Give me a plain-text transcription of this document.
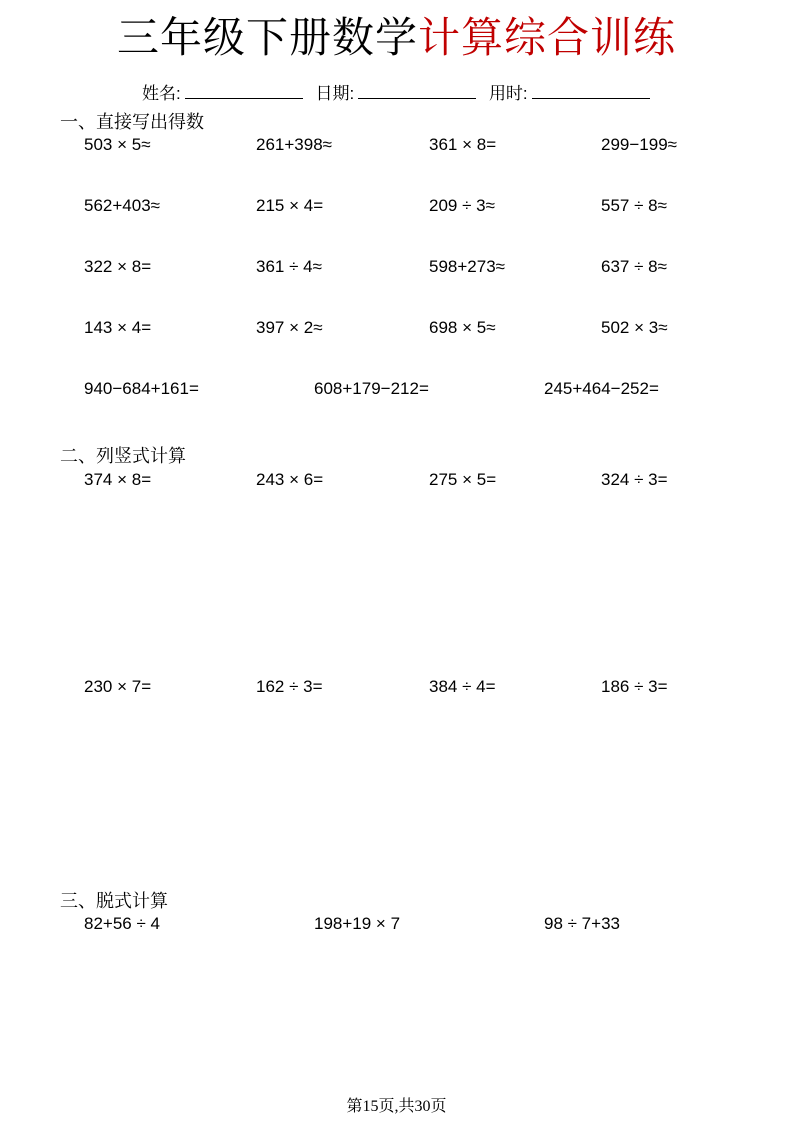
三年级下册数学计算综合训练
姓名:	日期:	用时:
一、直接写出得数
503 × 5≈	261+398≈	361 × 8=	299−199≈
562+403≈	215 × 4=	209 ÷ 3≈	557 ÷ 8≈
322 × 8=	361 ÷ 4≈	598+273≈	637 ÷ 8≈
143 × 4=	397 × 2≈	698 × 5≈	502 × 3≈
940−684+161=	608+179−212=	245+464−252=
二、列竖式计算
374 × 8=	243 × 6=	275 × 5=	324 ÷ 3=
230 × 7=	162 ÷ 3=	384 ÷ 4=	186 ÷ 3=
三、脱式计算
82+56 ÷ 4	198+19 × 7	98 ÷ 7+33
第15页,共30页
